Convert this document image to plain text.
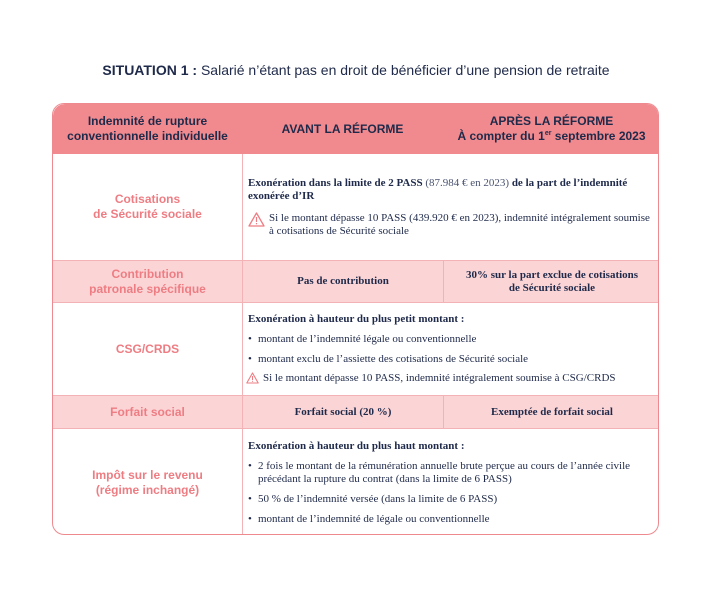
SITUATION 1 : Salarié n’étant pas en droit de bénéficier d’une pension de retraite
Indemnité de rupture
conventionnelle individuelle
AVANT LA RÉFORME
APRÈS LA RÉFORME
À compter du 1er septembre 2023
Cotisations
de Sécurité sociale

Exonération dans la limite de 2 PASS (87.984 € en 2023) de la part de l’indemnité exonérée d’IR

Si le montant dépasse 10 PASS (439.920 € en 2023), indemnité intégralement soumise à cotisations de Sécurité sociale
Contribution
patronale spécifique
Pas de contribution
30% sur la part exclue de cotisations
de Sécurité sociale
CSG/CRDS

Exonération à hauteur du plus petit montant :

• montant de l’indemnité légale ou conventionnelle
• montant exclu de l’assiette des cotisations de Sécurité sociale
Si le montant dépasse 10 PASS, indemnité intégralement soumise à CSG/CRDS
Forfait social	Forfait social (20 %)	Exemptée de forfait social
Impôt sur le revenu
(régime inchangé)

Exonération à hauteur du plus haut montant :

• 2 fois le montant de la rémunération annuelle brute perçue au cours de l’année civile précédant la rupture du contrat (dans la limite de 6 PASS)
• 50 % de l’indemnité versée (dans la limite de 6 PASS)
• montant de l’indemnité de légale ou conventionnelle
